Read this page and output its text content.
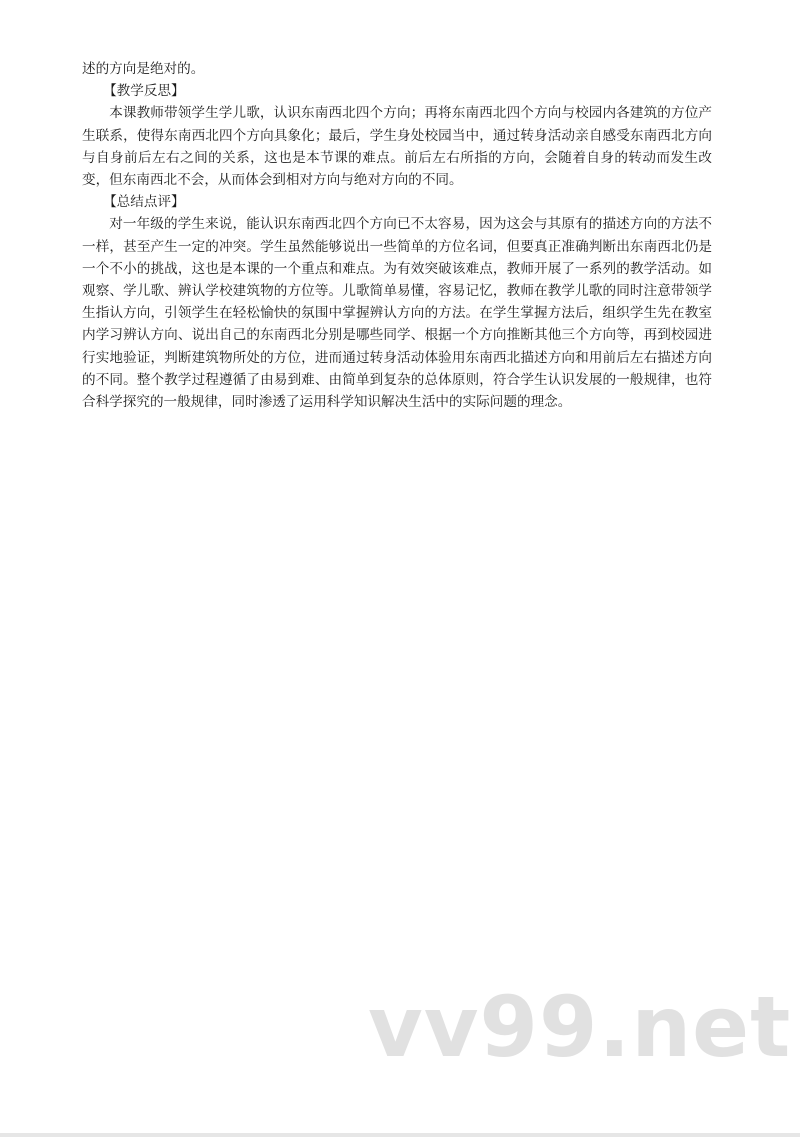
述的方向是绝对的。

【教学反思】

本课教师带领学生学儿歌，认识东南西北四个方向；再将东南西北四个方向与校园内各建筑的方位产生联系，使得东南西北四个方向具象化；最后，学生身处校园当中，通过转身活动亲自感受东南西北方向与自身前后左右之间的关系，这也是本节课的难点。前后左右所指的方向，会随着自身的转动而发生改变，但东南西北不会，从而体会到相对方向与绝对方向的不同。

【总结点评】

对一年级的学生来说，能认识东南西北四个方向已不太容易，因为这会与其原有的描述方向的方法不一样，甚至产生一定的冲突。学生虽然能够说出一些简单的方位名词，但要真正准确判断出东南西北仍是一个不小的挑战，这也是本课的一个重点和难点。为有效突破该难点，教师开展了一系列的教学活动。如观察、学儿歌、辨认学校建筑物的方位等。儿歌简单易懂，容易记忆，教师在教学儿歌的同时注意带领学生指认方向，引领学生在轻松愉快的氛围中掌握辨认方向的方法。在学生掌握方法后，组织学生先在教室内学习辨认方向、说出自己的东南西北分别是哪些同学、根据一个方向推断其他三个方向等，再到校园进行实地验证，判断建筑物所处的方位，进而通过转身活动体验用东南西北描述方向和用前后左右描述方向的不同。整个教学过程遵循了由易到难、由简单到复杂的总体原则，符合学生认识发展的一般规律，也符合科学探究的一般规律，同时渗透了运用科学知识解决生活中的实际问题的理念。

vv99.net
